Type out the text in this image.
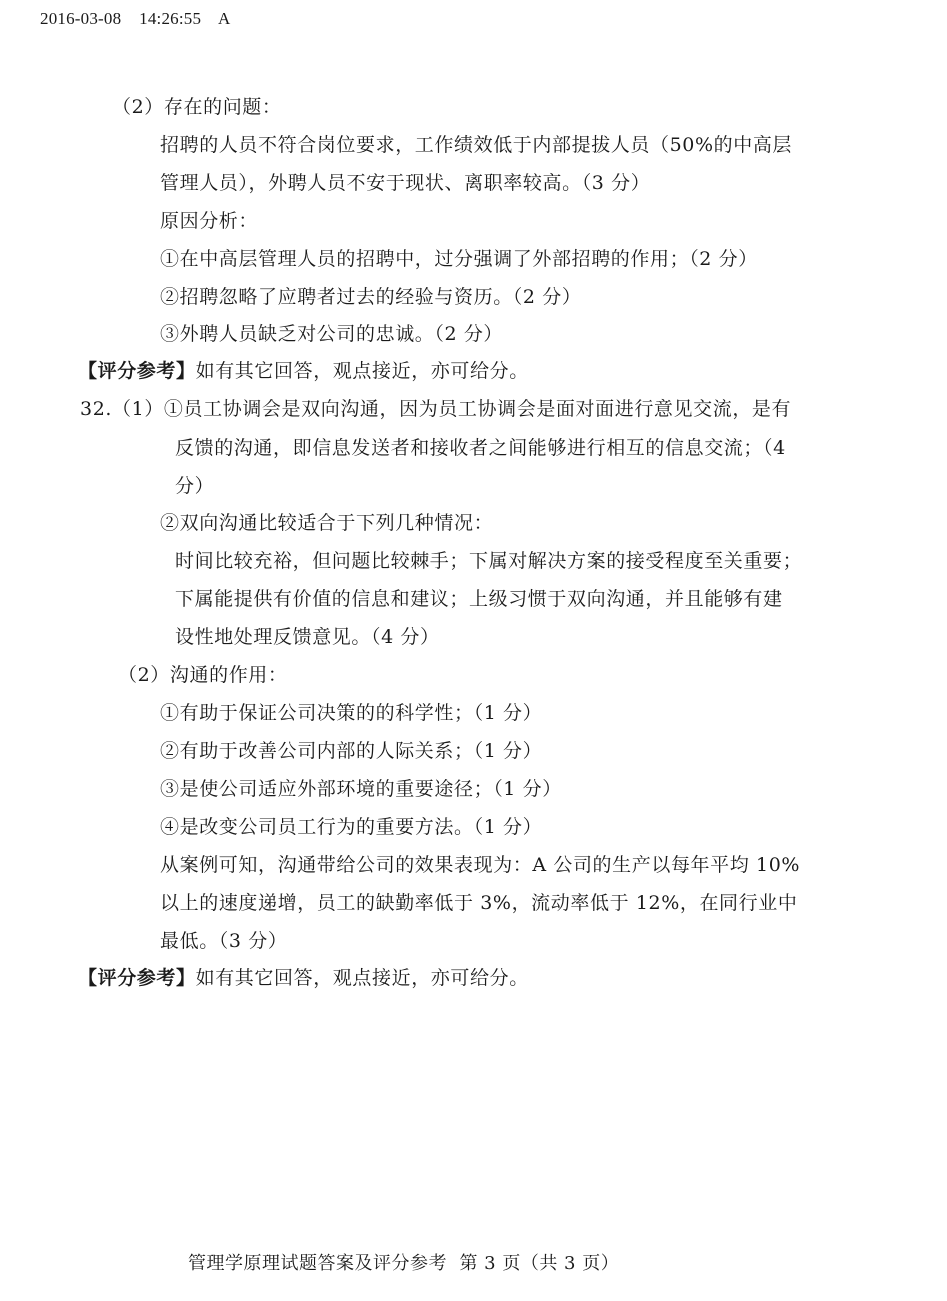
2016-03-08    14:26:55    A
（2）存在的问题：
招聘的人员不符合岗位要求，工作绩效低于内部提拔人员（50%的中高层
管理人员），外聘人员不安于现状、离职率较高。（3 分）
原因分析：
①在中高层管理人员的招聘中，过分强调了外部招聘的作用；（2 分）
②招聘忽略了应聘者过去的经验与资历。（2 分）
③外聘人员缺乏对公司的忠诚。（2 分）
【评分参考】如有其它回答，观点接近，亦可给分。
32.（1）①员工协调会是双向沟通，因为员工协调会是面对面进行意见交流，是有
反馈的沟通，即信息发送者和接收者之间能够进行相互的信息交流；（4
分）
②双向沟通比较适合于下列几种情况：
时间比较充裕，但问题比较棘手；下属对解决方案的接受程度至关重要；
下属能提供有价值的信息和建议；上级习惯于双向沟通，并且能够有建
设性地处理反馈意见。（4 分）
（2）沟通的作用：
①有助于保证公司决策的的科学性；（1 分）
②有助于改善公司内部的人际关系；（1 分）
③是使公司适应外部环境的重要途径；（1 分）
④是改变公司员工行为的重要方法。（1 分）
从案例可知，沟通带给公司的效果表现为：A 公司的生产以每年平均 10%
以上的速度递增，员工的缺勤率低于 3%，流动率低于 12%，在同行业中
最低。（3 分）
【评分参考】如有其它回答，观点接近，亦可给分。
管理学原理试题答案及评分参考  第 3 页（共 3 页）
